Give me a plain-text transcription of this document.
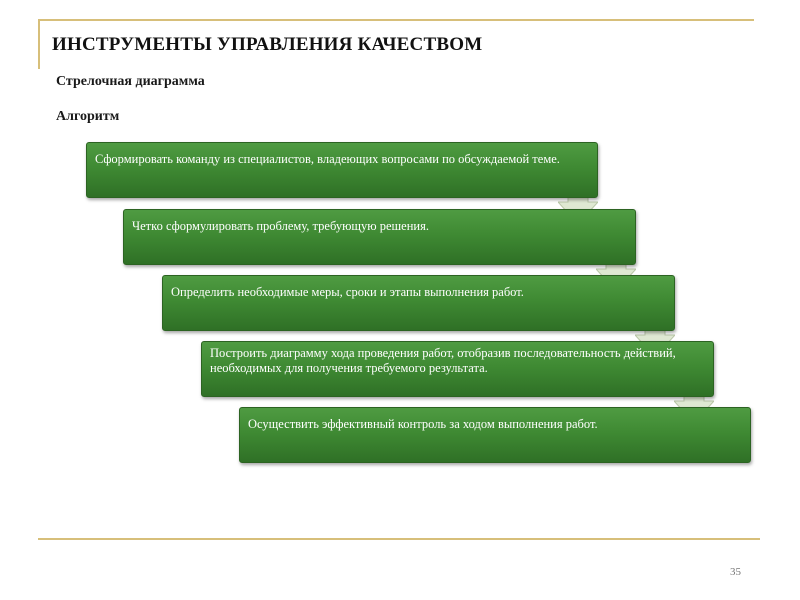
ИНСТРУМЕНТЫ УПРАВЛЕНИЯ КАЧЕСТВОМ
Стрелочная диаграмма
Алгоритм
Сформировать команду из специалистов, владеющих вопросами по обсуждаемой теме.
Четко сформулировать проблему, требующую решения.
Определить необходимые меры, сроки и этапы выполнения работ.
Построить диаграмму хода проведения работ, отобразив последовательность действий, необходимых для получения требуемого результата.
Осуществить эффективный контроль за ходом выполнения работ.
35
